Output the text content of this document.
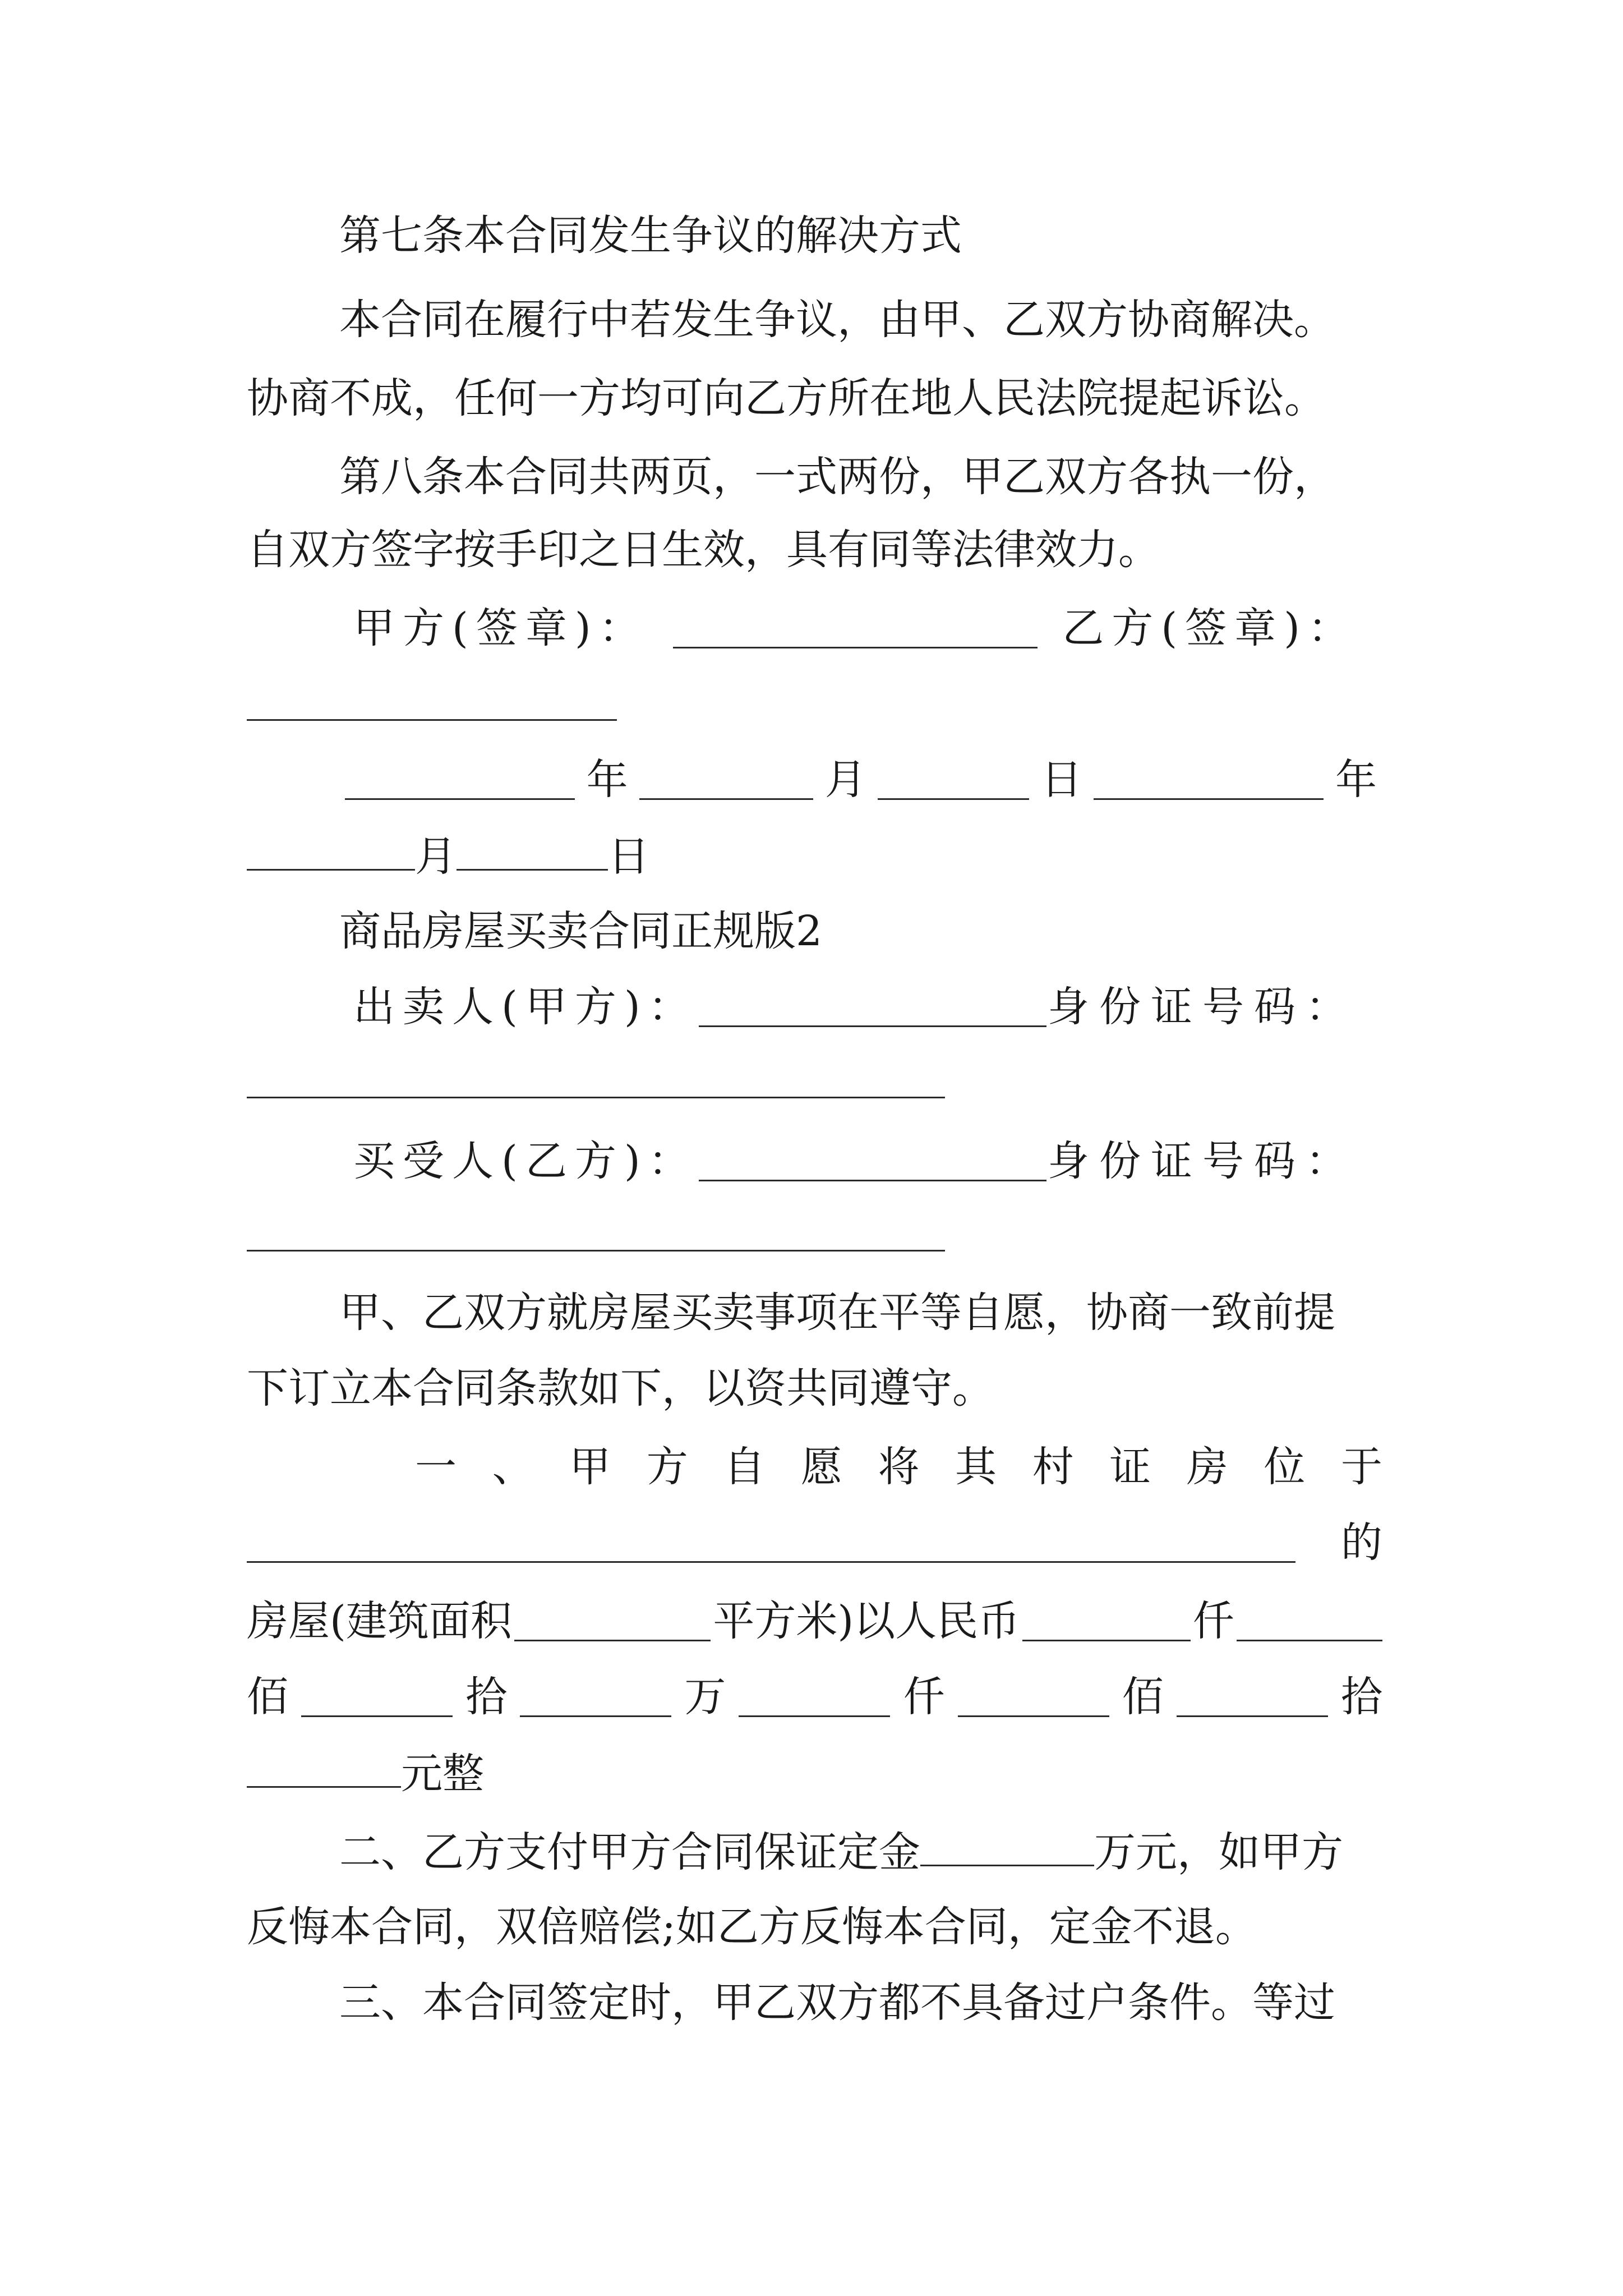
第七条本合同发生争议的解决方式

本合同在履行中若发生争议，由甲、乙双方协商解决。

协商不成，任何一方均可向乙方所在地人民法院提起诉讼。

第八条本合同共两页，一式两份，甲乙双方各执一份，

自双方签字按手印之日生效，具有同等法律效力。

甲方(签章)：	乙方(签章)：
年	月	日	年

月	日

商品房屋买卖合同正规版2

出卖人(甲方)：	身份证号码：
买受人(乙方)：	身份证号码：

甲、乙双方就房屋买卖事项在平等自愿，协商一致前提

下订立本合同条款如下，以资共同遵守。

一 、 甲 方 自 愿 将 其 村 证 房 位 于
的
房屋(建筑面积	平方米)以人民币	仟
佰	拾	万	仟	佰	拾

元整

二、乙方支付甲方合同保证定金	万元，如甲方

反悔本合同，双倍赔偿;如乙方反悔本合同，定金不退。

三、本合同签定时，甲乙双方都不具备过户条件。等过
